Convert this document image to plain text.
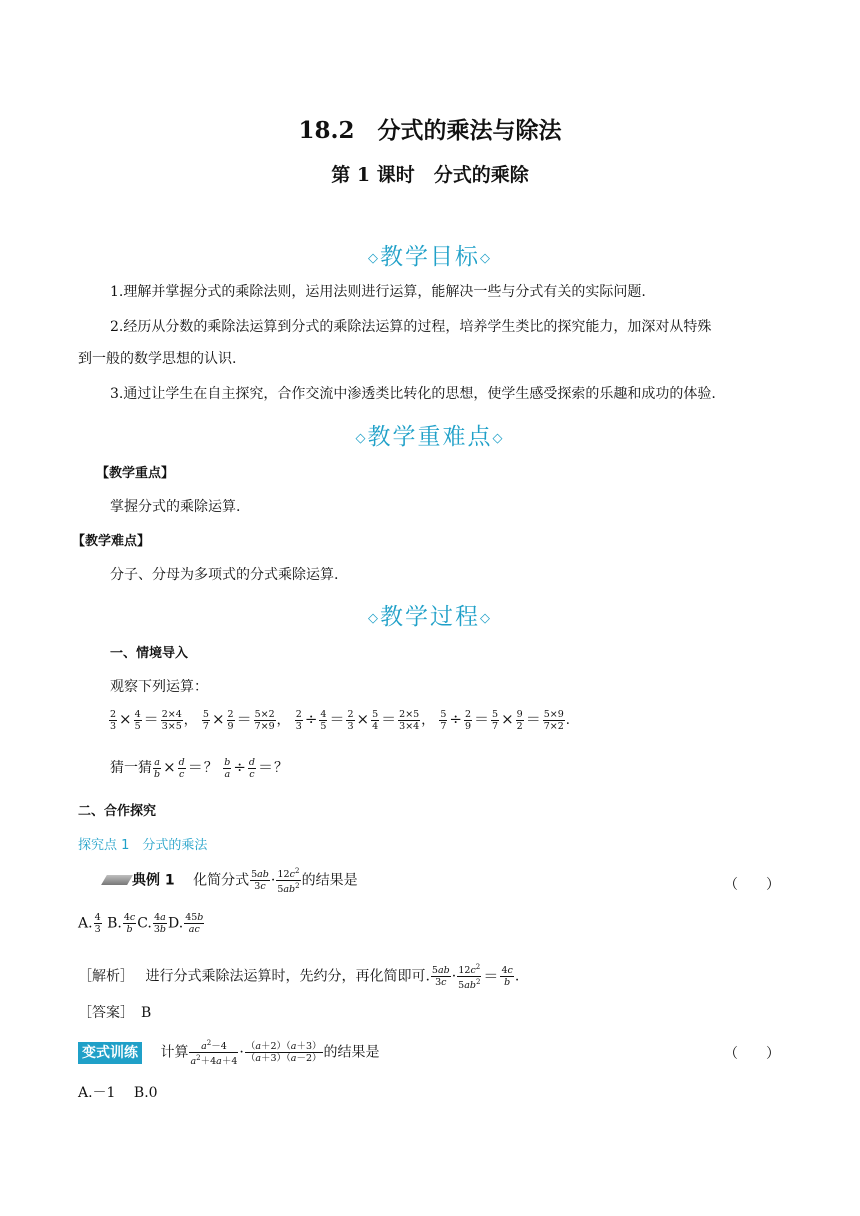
18.2　分式的乘法与除法
第 1 课时　分式的乘除
◇教学目标◇
1.理解并掌握分式的乘除法则，运用法则进行运算，能解决一些与分式有关的实际问题.
2.经历从分数的乘除法运算到分式的乘除法运算的过程，培养学生类比的探究能力，加深对从特殊
到一般的数学思想的认识.
3.通过让学生在自主探究，合作交流中渗透类比转化的思想，使学生感受探索的乐趣和成功的体验.
◇教学重难点◇
【教学重点】
掌握分式的乘除运算.
【教学难点】
分子、分母为多项式的分式乘除运算.
◇教学过程◇
一、情境导入
观察下列运算：
$\frac{2}{3} \times \frac{4}{5} = \frac{2\times 4}{3\times 5}$ ， $\frac{5}{7} \times \frac{2}{9} = \frac{5\times 2}{7\times 9}$ ， $\frac{2}{3} \div \frac{4}{5} = \frac{2}{3} \times \frac{5}{4} = \frac{2\times 5}{3\times 4}$ ， $\frac{5}{7} \div \frac{2}{9} = \frac{5}{7} \times \frac{9}{2} = \frac{5\times 9}{7\times 2}$ .
猜一猜 $\frac{a}{b} \times \frac{d}{c}$ ＝？ $\frac{b}{a} \div \frac{d}{c}$ ＝？
二、合作探究
探究点 1　分式的乘法
典例 1　 化简分式 $\frac{5ab}{3c} \cdot \frac{12c^2}{5ab^2}$ 的结果是	（　　）
A. $\frac{4}{3} B$. $\frac{4c}{b} C$. $\frac{4a}{3b} D$. $\frac{45b}{ac}$
［解析］　 进行分式乘除法运算时，先约分，再化简即可. $\frac{5ab}{3c} \cdot \frac{12c^2}{5ab^2} = \frac{4c}{b}$ .
［答案］　 B
变式训练　 计算 $\frac{a^2-4}{a^2+4a+4} \cdot \frac{(a+2)(a+3)}{(a+3)(a-2)}$ 的结果是	（　　）
A.－1　 B.0
